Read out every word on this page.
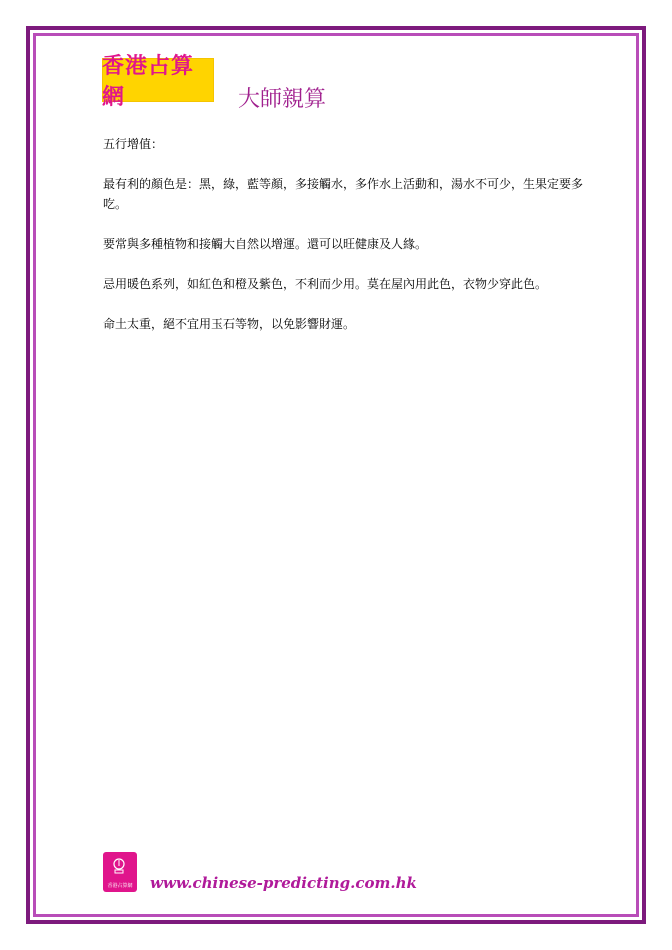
香港占算網	大師親算

五行增值：

最有利的顏色是：黑，綠，藍等顏，多接觸水，多作水上活動和，湯水不可少，生果定要多吃。

要常與多種植物和接觸大自然以增運。還可以旺健康及人緣。

忌用暖色系列，如紅色和橙及紫色，不利而少用。莫在屋內用此色，衣物少穿此色。

命土太重，絕不宜用玉石等物，以免影響財運。

香港占算網 www.chinese-predicting.com.hk
